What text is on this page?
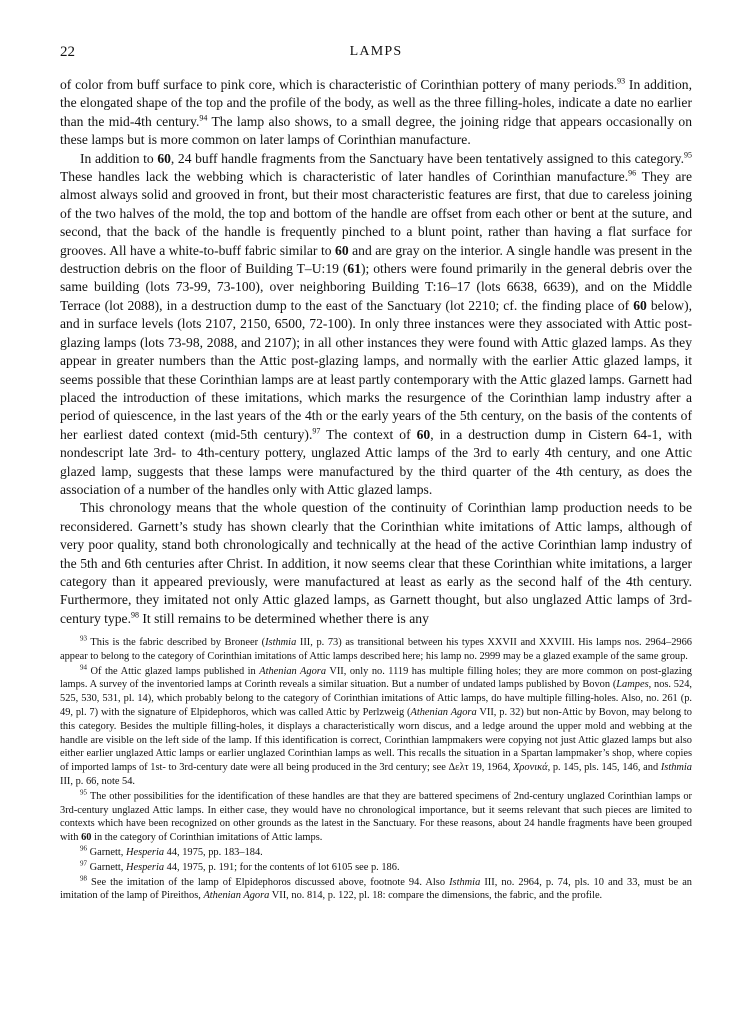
22	LAMPS

of color from buff surface to pink core, which is characteristic of Corinthian pottery of many periods.$^{93}$ In addition, the elongated shape of the top and the profile of the body, as well as the three filling-holes, indicate a date no earlier than the mid-4th century.$^{94}$ The lamp also shows, to a small degree, the joining ridge that appears occasionally on these lamps but is more common on later lamps of Corinthian manufacture.

In addition to 60, 24 buff handle fragments from the Sanctuary have been tentatively assigned to this category.$^{95}$ These handles lack the webbing which is characteristic of later handles of Corinthian manufacture.$^{96}$ They are almost always solid and grooved in front, but their most characteristic features are first, that due to careless joining of the two halves of the mold, the top and bottom of the handle are offset from each other or bent at the suture, and second, that the back of the handle is frequently pinched to a blunt point, rather than having a flat surface for grooves. All have a white-to-buff fabric similar to 60 and are gray on the interior. A single handle was present in the destruction debris on the floor of Building T–U:19 (61); others were found primarily in the general debris over the same building (lots 73-99, 73-100), over neighboring Building T:16–17 (lots 6638, 6639), and on the Middle Terrace (lot 2088), in a destruction dump to the east of the Sanctuary (lot 2210; cf. the finding place of 60 below), and in surface levels (lots 2107, 2150, 6500, 72-100). In only three instances were they associated with Attic post-glazing lamps (lots 73-98, 2088, and 2107); in all other instances they were found with Attic glazed lamps. As they appear in greater numbers than the Attic post-glazing lamps, and normally with the earlier Attic glazed lamps, it seems possible that these Corinthian lamps are at least partly contemporary with the Attic glazed lamps. Garnett had placed the introduction of these imitations, which marks the resurgence of the Corinthian lamp industry after a period of quiescence, in the last years of the 4th or the early years of the 5th century, on the basis of the contents of her earliest dated context (mid-5th century).$^{97}$ The context of 60, in a destruction dump in Cistern 64-1, with nondescript late 3rd- to 4th-century pottery, unglazed Attic lamps of the 3rd to early 4th century, and one Attic glazed lamp, suggests that these lamps were manufactured by the third quarter of the 4th century, as does the association of a number of the handles only with Attic glazed lamps.

This chronology means that the whole question of the continuity of Corinthian lamp production needs to be reconsidered. Garnett’s study has shown clearly that the Corinthian white imitations of Attic lamps, although of very poor quality, stand both chronologically and technically at the head of the active Corinthian lamp industry of the 5th and 6th centuries after Christ. In addition, it now seems clear that these Corinthian white imitations, a larger category than it appeared previously, were manufactured at least as early as the second half of the 4th century. Furthermore, they imitated not only Attic glazed lamps, as Garnett thought, but also unglazed Attic lamps of 3rd-century type.$^{98}$ It still remains to be determined whether there is any

$^{93}$ This is the fabric described by Broneer (Isthmia III, p. 73) as transitional between his types XXVII and XXVIII. His lamps nos. 2964–2966 appear to belong to the category of Corinthian imitations of Attic lamps described here; his lamp no. 2999 may be a glazed example of the same group.

$^{94}$ Of the Attic glazed lamps published in Athenian Agora VII, only no. 1119 has multiple filling holes; they are more common on post-glazing lamps. A survey of the inventoried lamps at Corinth reveals a similar situation. But a number of undated lamps published by Bovon (Lampes, nos. 524, 525, 530, 531, pl. 14), which probably belong to the category of Corinthian imitations of Attic lamps, do have multiple filling-holes. Also, no. 261 (p. 49, pl. 7) with the signature of Elpidephoros, which was called Attic by Perlzweig (Athenian Agora VII, p. 32) but non-Attic by Bovon, may belong to this category. Besides the multiple filling-holes, it displays a characteristically worn discus, and a ledge around the upper mold and webbing at the handle are visible on the left side of the lamp. If this identification is correct, Corinthian lampmakers were copying not just Attic glazed lamps but also either earlier unglazed Attic lamps or earlier unglazed Corinthian lamps as well. This recalls the situation in a Spartan lampmaker’s shop, where copies of imported lamps of 1st- to 3rd-century date were all being produced in the 3rd century; see Δελτ 19, 1964, Χρονικά, p. 145, pls. 145, 146, and Isthmia III, p. 66, note 54.

$^{95}$ The other possibilities for the identification of these handles are that they are battered specimens of 2nd-century unglazed Corinthian lamps or 3rd-century unglazed Attic lamps. In either case, they would have no chronological importance, but it seems relevant that such pieces are limited to contexts which have been recognized on other grounds as the latest in the Sanctuary. For these reasons, about 24 handle fragments have been grouped with 60 in the category of Corinthian imitations of Attic lamps.

$^{96}$ Garnett, Hesperia 44, 1975, pp. 183–184.

$^{97}$ Garnett, Hesperia 44, 1975, p. 191; for the contents of lot 6105 see p. 186.

$^{98}$ See the imitation of the lamp of Elpidephoros discussed above, footnote 94. Also Isthmia III, no. 2964, p. 74, pls. 10 and 33, must be an imitation of the lamp of Pireithos, Athenian Agora VII, no. 814, p. 122, pl. 18: compare the dimensions, the fabric, and the profile.
